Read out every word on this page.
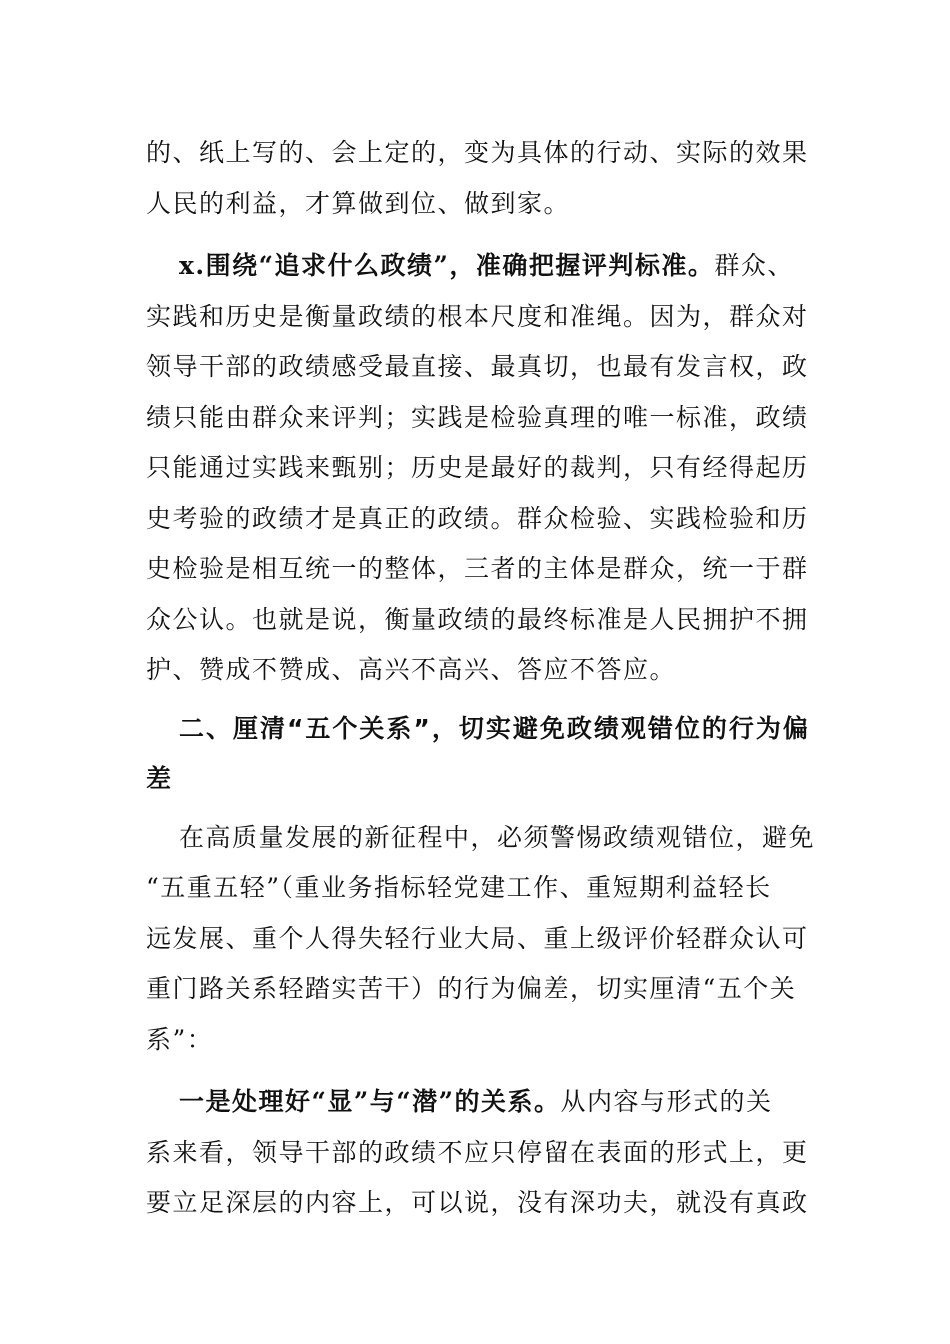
的、纸上写的、会上定的，变为具体的行动、实际的效果
人民的利益，才算做到位、做到家。
x.围绕“追求什么政绩”，准确把握评判标准。群众、
实践和历史是衡量政绩的根本尺度和准绳。因为，群众对
领导干部的政绩感受最直接、最真切，也最有发言权，政
绩只能由群众来评判；实践是检验真理的唯一标准，政绩
只能通过实践来甄别；历史是最好的裁判，只有经得起历
史考验的政绩才是真正的政绩。群众检验、实践检验和历
史检验是相互统一的整体，三者的主体是群众，统一于群
众公认。也就是说，衡量政绩的最终标准是人民拥护不拥
护、赞成不赞成、高兴不高兴、答应不答应。
二、厘清“五个关系”，切实避免政绩观错位的行为偏
差
在高质量发展的新征程中，必须警惕政绩观错位，避免
“五重五轻”（重业务指标轻党建工作、重短期利益轻长
远发展、重个人得失轻行业大局、重上级评价轻群众认可
重门路关系轻踏实苦干）的行为偏差，切实厘清“五个关
系”：
一是处理好“显”与“潜”的关系。从内容与形式的关
系来看，领导干部的政绩不应只停留在表面的形式上，更
要立足深层的内容上，可以说，没有深功夫，就没有真政
